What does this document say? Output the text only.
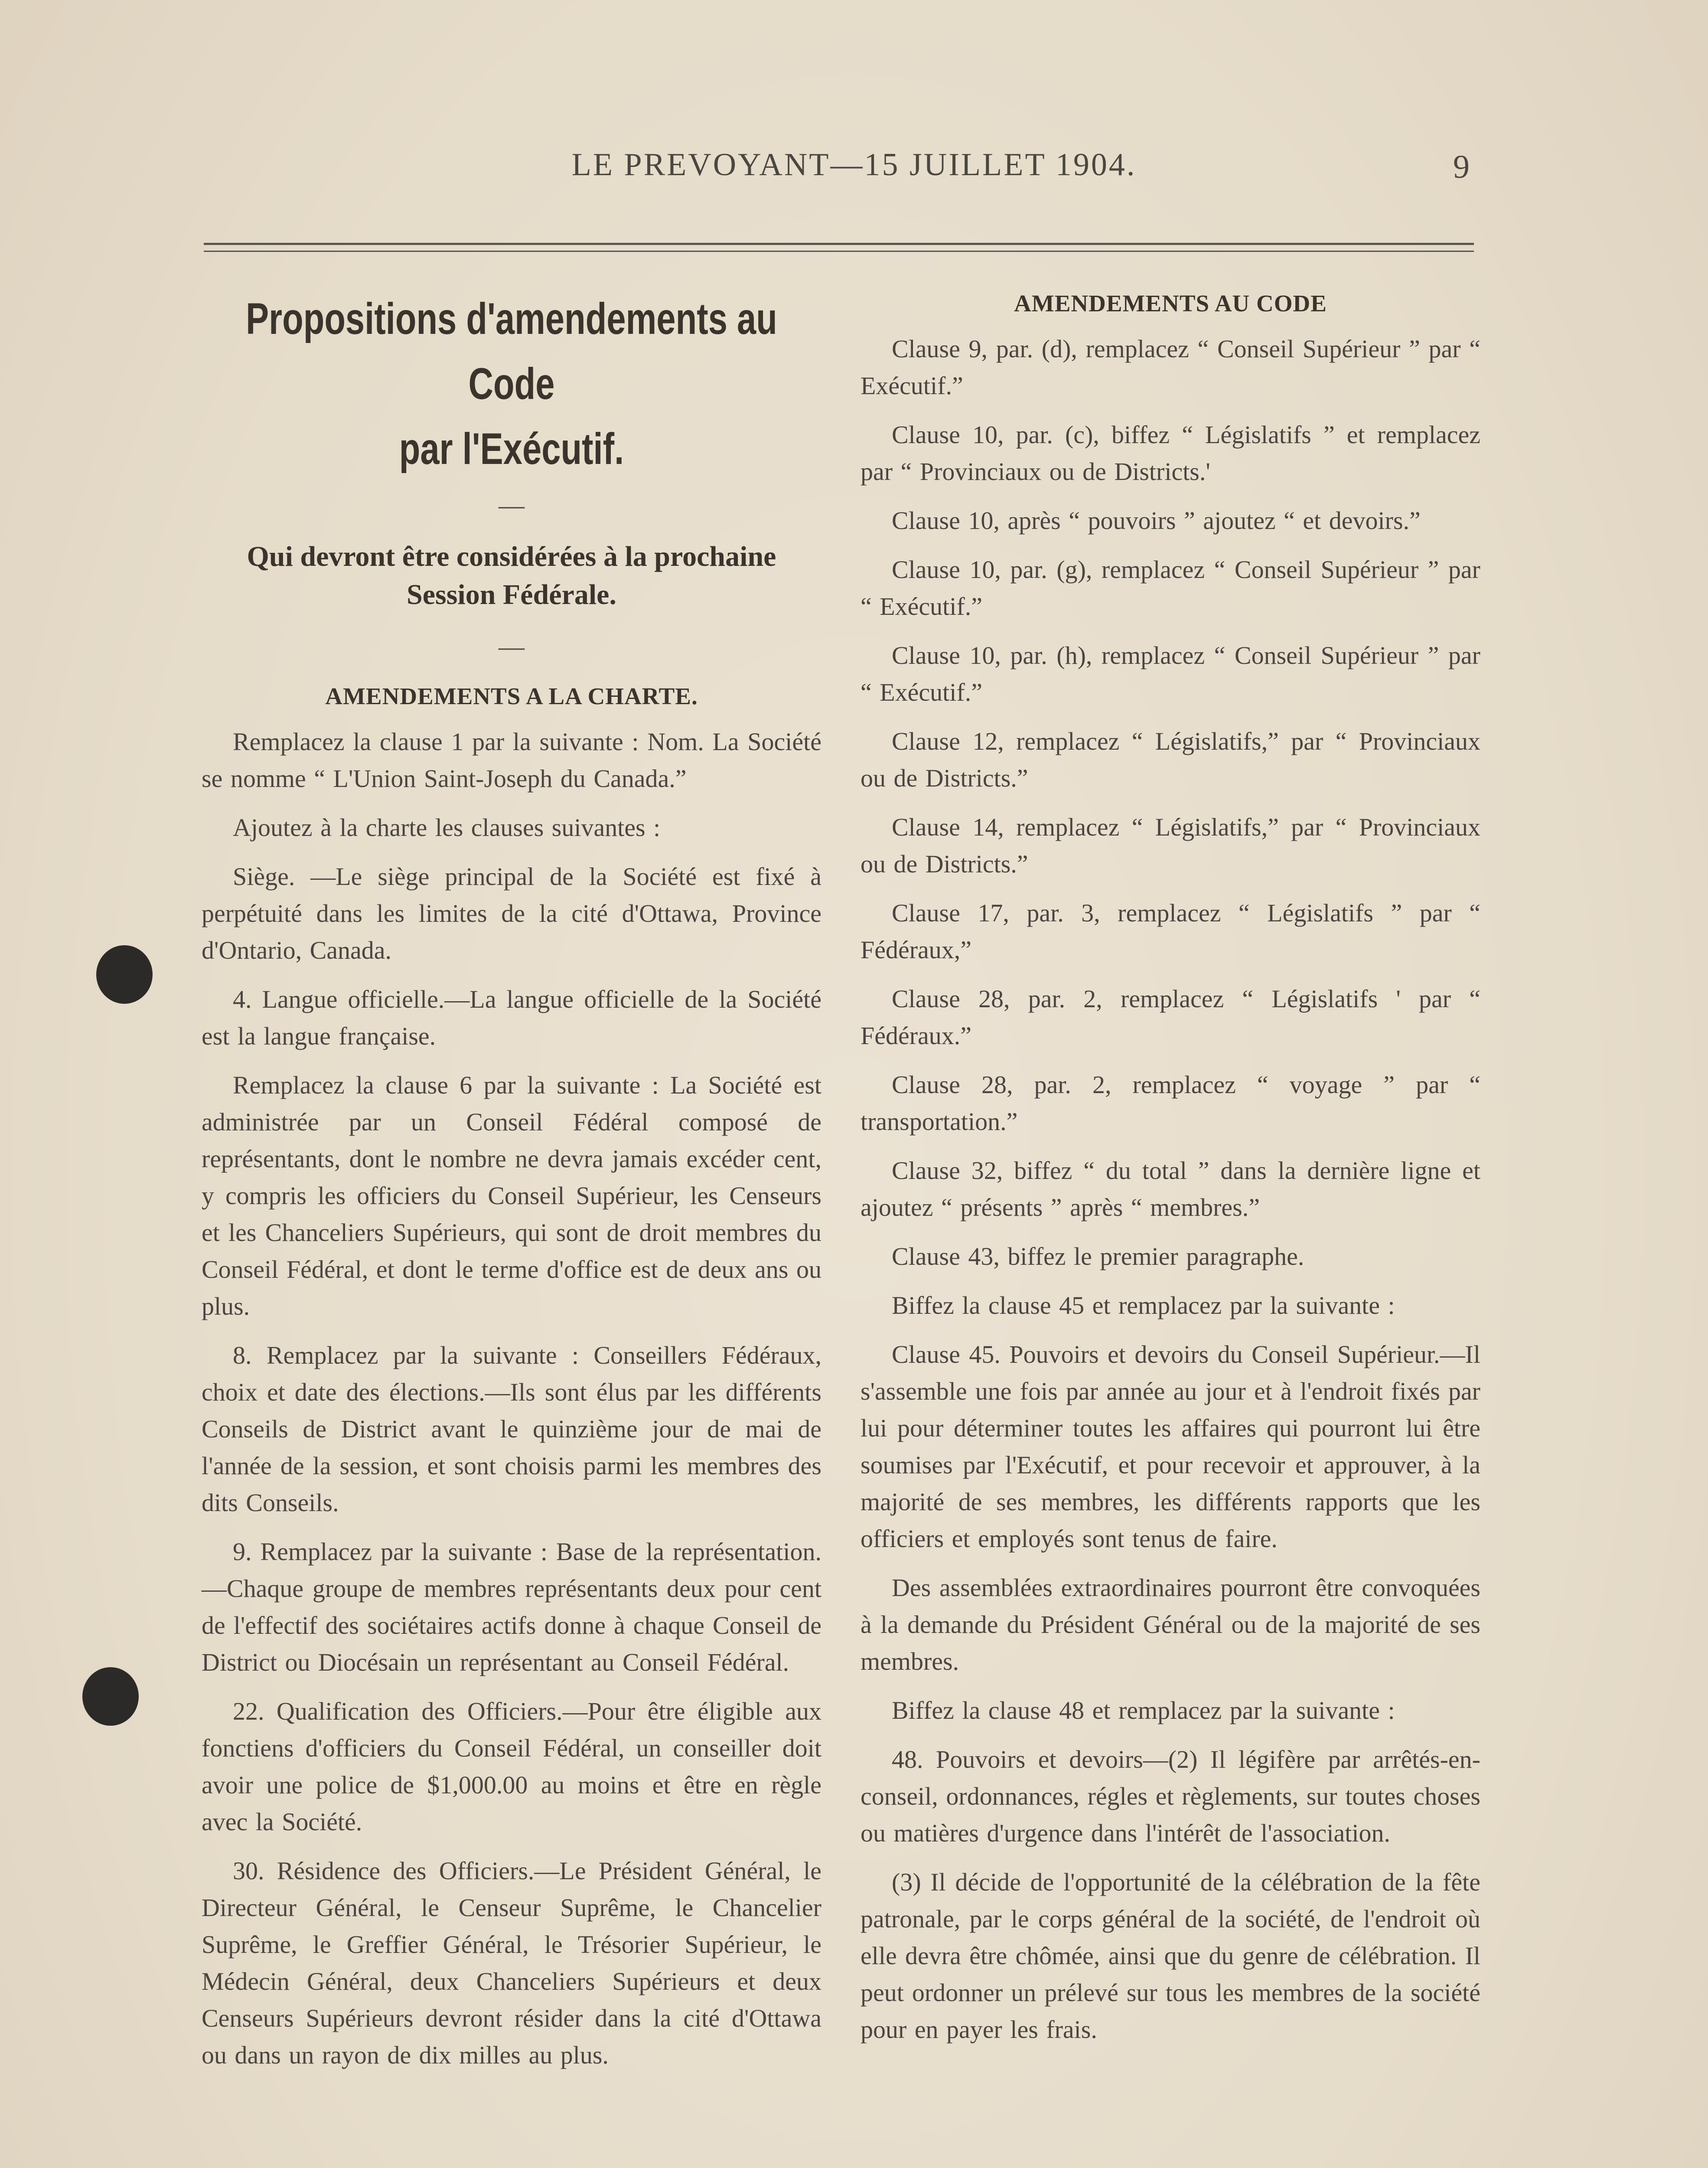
LE PREVOYANT—15 JUILLET 1904.	9
Propositions d'amendements au Code
par l'Exécutif.
—
Qui devront être considérées à la prochaine Session Fédérale.
—
AMENDEMENTS A LA CHARTE.

Remplacez la clause 1 par la suivante : Nom. La Société se nomme “ L'Union Saint-Joseph du Canada.”

Ajoutez à la charte les clauses suivantes :

Siège. —Le siège principal de la Société est fixé à perpétuité dans les limites de la cité d'Ottawa, Province d'Ontario, Canada.

4. Langue officielle.—La langue officielle de la Société est la langue française.

Remplacez la clause 6 par la suivante : La Société est administrée par un Conseil Fédéral composé de représentants, dont le nombre ne devra jamais excéder cent, y compris les officiers du Conseil Supérieur, les Censeurs et les Chanceliers Supérieurs, qui sont de droit membres du Conseil Fédéral, et dont le terme d'office est de deux ans ou plus.

8. Remplacez par la suivante : Conseillers Fédéraux, choix et date des élections.—Ils sont élus par les différents Conseils de District avant le quinzième jour de mai de l'année de la session, et sont choisis parmi les membres des dits Conseils.

9. Remplacez par la suivante : Base de la représentation.—Chaque groupe de membres représentants deux pour cent de l'effectif des sociétaires actifs donne à chaque Conseil de District ou Diocésain un représentant au Conseil Fédéral.

22. Qualification des Officiers.—Pour être éligible aux fonctiens d'officiers du Conseil Fédéral, un conseiller doit avoir une police de $1,000.00 au moins et être en règle avec la Société.

30. Résidence des Officiers.—Le Président Général, le Directeur Général, le Censeur Suprême, le Chancelier Suprême, le Greffier Général, le Trésorier Supérieur, le Médecin Général, deux Chanceliers Supérieurs et deux Censeurs Supérieurs devront résider dans la cité d'Ottawa ou dans un rayon de dix milles au plus.

AMENDEMENTS AU CODE

Clause 9, par. (d), remplacez “ Conseil Supérieur ” par “ Exécutif.”

Clause 10, par. (c), biffez “ Législatifs ” et remplacez par “ Provinciaux ou de Districts.'

Clause 10, après “ pouvoirs ” ajoutez “ et devoirs.”

Clause 10, par. (g), remplacez “ Conseil Supérieur ” par “ Exécutif.”

Clause 10, par. (h), remplacez “ Conseil Supérieur ” par “ Exécutif.”

Clause 12, remplacez “ Législatifs,” par “ Provinciaux ou de Districts.”

Clause 14, remplacez “ Législatifs,” par “ Provinciaux ou de Districts.”

Clause 17, par. 3, remplacez “ Législatifs ” par “ Fédéraux,”

Clause 28, par. 2, remplacez “ Législatifs ' par “ Fédéraux.”

Clause 28, par. 2, remplacez “ voyage ” par “ transportation.”

Clause 32, biffez “ du total ” dans la dernière ligne et ajoutez “ présents ” après “ membres.”

Clause 43, biffez le premier paragraphe.

Biffez la clause 45 et remplacez par la suivante :

Clause 45. Pouvoirs et devoirs du Conseil Supérieur.—Il s'assemble une fois par année au jour et à l'endroit fixés par lui pour déterminer toutes les affaires qui pourront lui être soumises par l'Exécutif, et pour recevoir et approuver, à la majorité de ses membres, les différents rapports que les officiers et employés sont tenus de faire.

Des assemblées extraordinaires pourront être convoquées à la demande du Président Général ou de la majorité de ses membres.

Biffez la clause 48 et remplacez par la suivante :

48. Pouvoirs et devoirs—(2) Il légifère par arrêtés-en-conseil, ordonnances, régles et règlements, sur toutes choses ou matières d'urgence dans l'intérêt de l'association.

(3) Il décide de l'opportunité de la célébration de la fête patronale, par le corps général de la société, de l'endroit où elle devra être chômée, ainsi que du genre de célébration. Il peut ordonner un prélevé sur tous les membres de la société pour en payer les frais.
